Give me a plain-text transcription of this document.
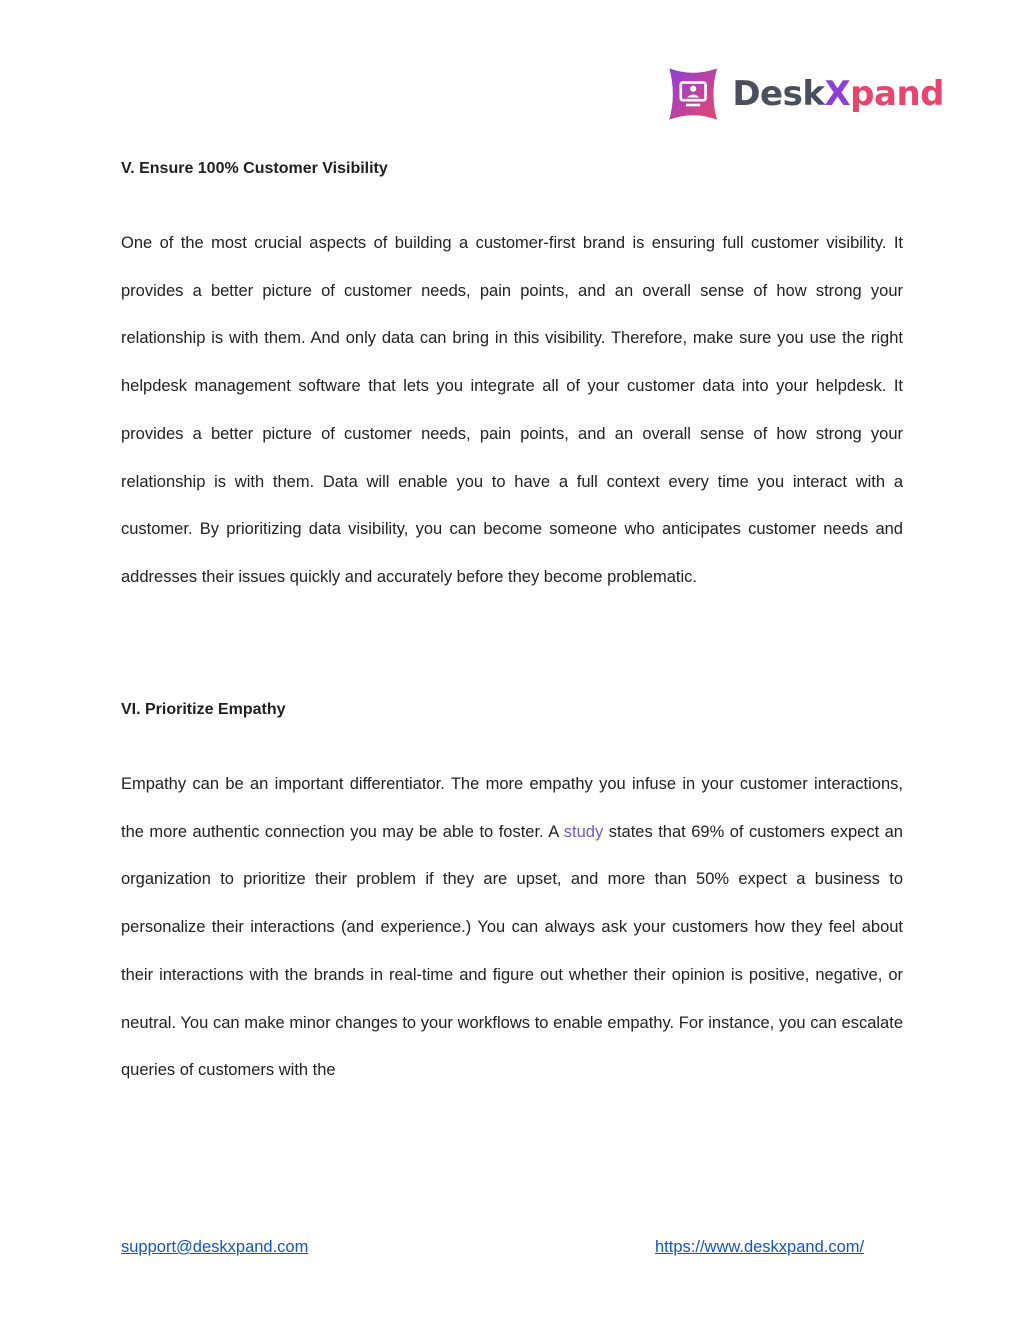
DeskXpand
V. Ensure 100% Customer Visibility

One of the most crucial aspects of building a customer-first brand is ensuring full customer visibility. It provides a better picture of customer needs, pain points, and an overall sense of how strong your relationship is with them. And only data can bring in this visibility. Therefore, make sure you use the right helpdesk management software that lets you integrate all of your customer data into your helpdesk. It provides a better picture of customer needs, pain points, and an overall sense of how strong your relationship is with them. Data will enable you to have a full context every time you interact with a customer. By prioritizing data visibility, you can become someone who anticipates customer needs and addresses their issues quickly and accurately before they become problematic.

VI. Prioritize Empathy

Empathy can be an important differentiator. The more empathy you infuse in your customer interactions, the more authentic connection you may be able to foster. A study states that 69% of customers expect an organization to prioritize their problem if they are upset, and more than 50% expect a business to personalize their interactions (and experience.) You can always ask your customers how they feel about their interactions with the brands in real-time and figure out whether their opinion is positive, negative, or neutral. You can make minor changes to your workflows to enable empathy. For instance, you can escalate queries of customers with the

support@deskxpand.com	https://www.deskxpand.com/
